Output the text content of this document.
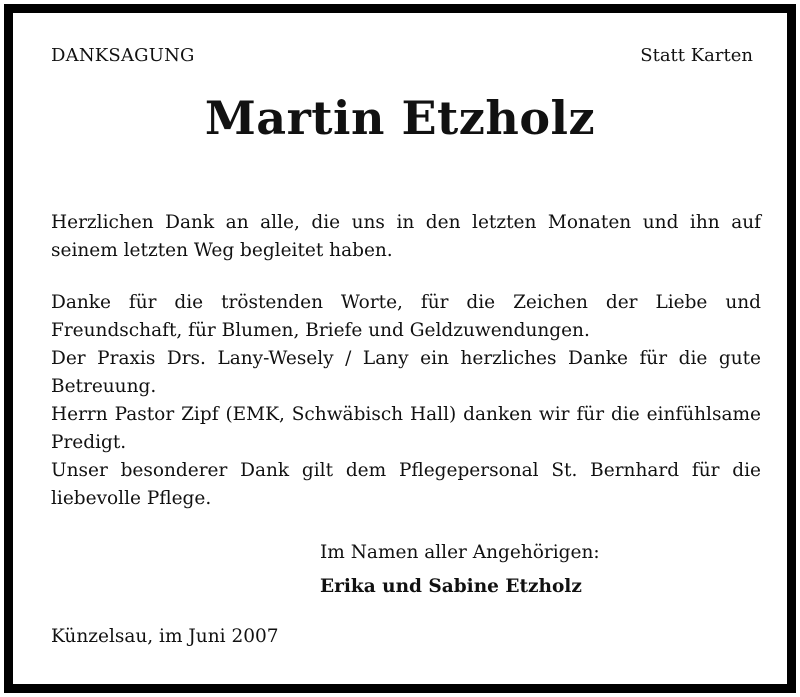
DANKSAGUNG	Statt Karten
Martin Etzholz

Herzlichen Dank an alle, die uns in den letzten Monaten und ihn auf seinem letzten Weg begleitet haben.

Danke für die tröstenden Worte, für die Zeichen der Liebe und Freundschaft, für Blumen, Briefe und Geldzuwendungen.
Der Praxis Drs. Lany-Wesely / Lany ein herzliches Danke für die gute Betreuung.
Herrn Pastor Zipf (EMK, Schwäbisch Hall) danken wir für die einfühlsame Predigt.
Unser besonderer Dank gilt dem Pflegepersonal St. Bernhard für die liebevolle Pflege.
Im Namen aller Angehörigen:
Erika und Sabine Etzholz
Künzelsau, im Juni 2007
